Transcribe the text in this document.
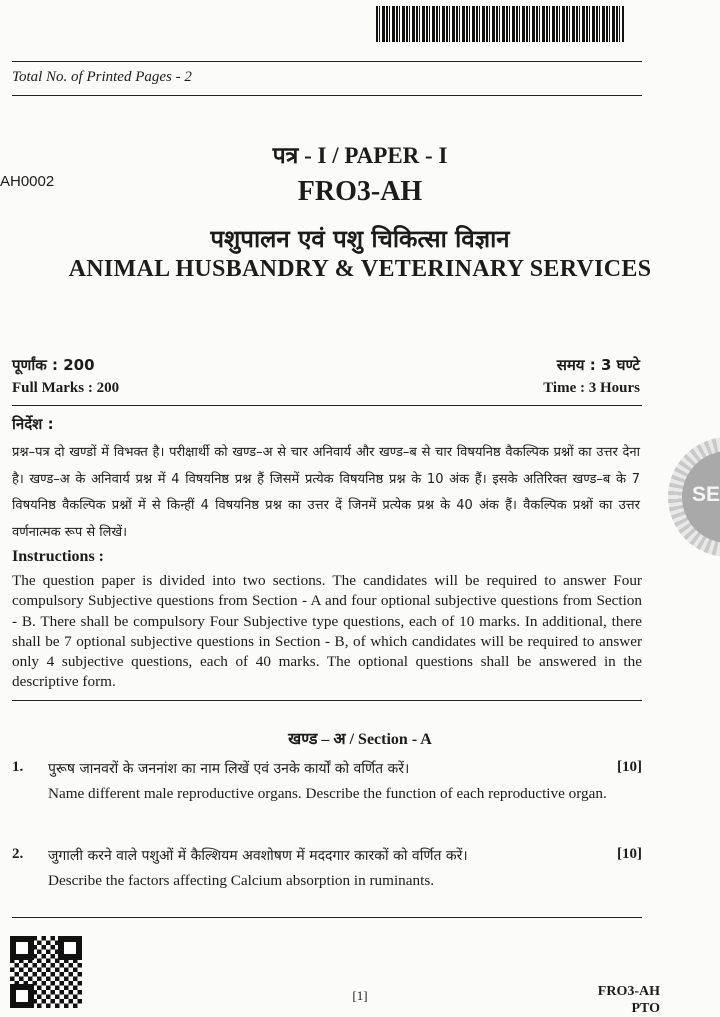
Total No. of Printed Pages - 2
AH0002
पत्र - I / PAPER - I
FRO3-AH
पशुपालन एवं पशु चिकित्सा विज्ञान
ANIMAL HUSBANDRY & VETERINARY SERVICES
पूर्णांक : 200
Full Marks : 200
समय : 3 घण्टे
Time : 3 Hours
निर्देश :
प्रश्न–पत्र दो खण्डों में विभक्त है। परीक्षार्थी को खण्ड–अ से चार अनिवार्य और खण्ड–ब से चार विषयनिष्ठ वैकल्पिक प्रश्नों का उत्तर देना है। खण्ड–अ के अनिवार्य प्रश्न में 4 विषयनिष्ठ प्रश्न हैं जिसमें प्रत्येक विषयनिष्ठ प्रश्न के 10 अंक हैं। इसके अतिरिक्त खण्ड–ब के 7 विषयनिष्ठ वैकल्पिक प्रश्नों में से किन्हीं 4 विषयनिष्ठ प्रश्न का उत्तर दें जिनमें प्रत्येक प्रश्न के 40 अंक हैं। वैकल्पिक प्रश्नों का उत्तर वर्णनात्मक रूप से लिखें।
Instructions :
The question paper is divided into two sections. The candidates will be required to answer Four compulsory Subjective questions from Section - A and four optional subjective questions from Section - B. There shall be compulsory Four Subjective type questions, each of 10 marks. In additional, there shall be 7 optional subjective questions in Section - B, of which candidates will be required to answer only 4 subjective questions, each of 40 marks. The optional questions shall be answered in the descriptive form.
खण्ड – अ / Section - A
1. पुरूष जानवरों के जननांश का नाम लिखें एवं उनके कार्यों को वर्णित करें।	[10]
Name different male reproductive organs. Describe the function of each reproductive organ.
2. जुगाली करने वाले पशुओं में कैल्शियम अवशोषण में मददगार कारकों को वर्णित करें।	[10]
Describe the factors affecting Calcium absorption in ruminants.
[1]	FRO3-AH
PTO
SE
